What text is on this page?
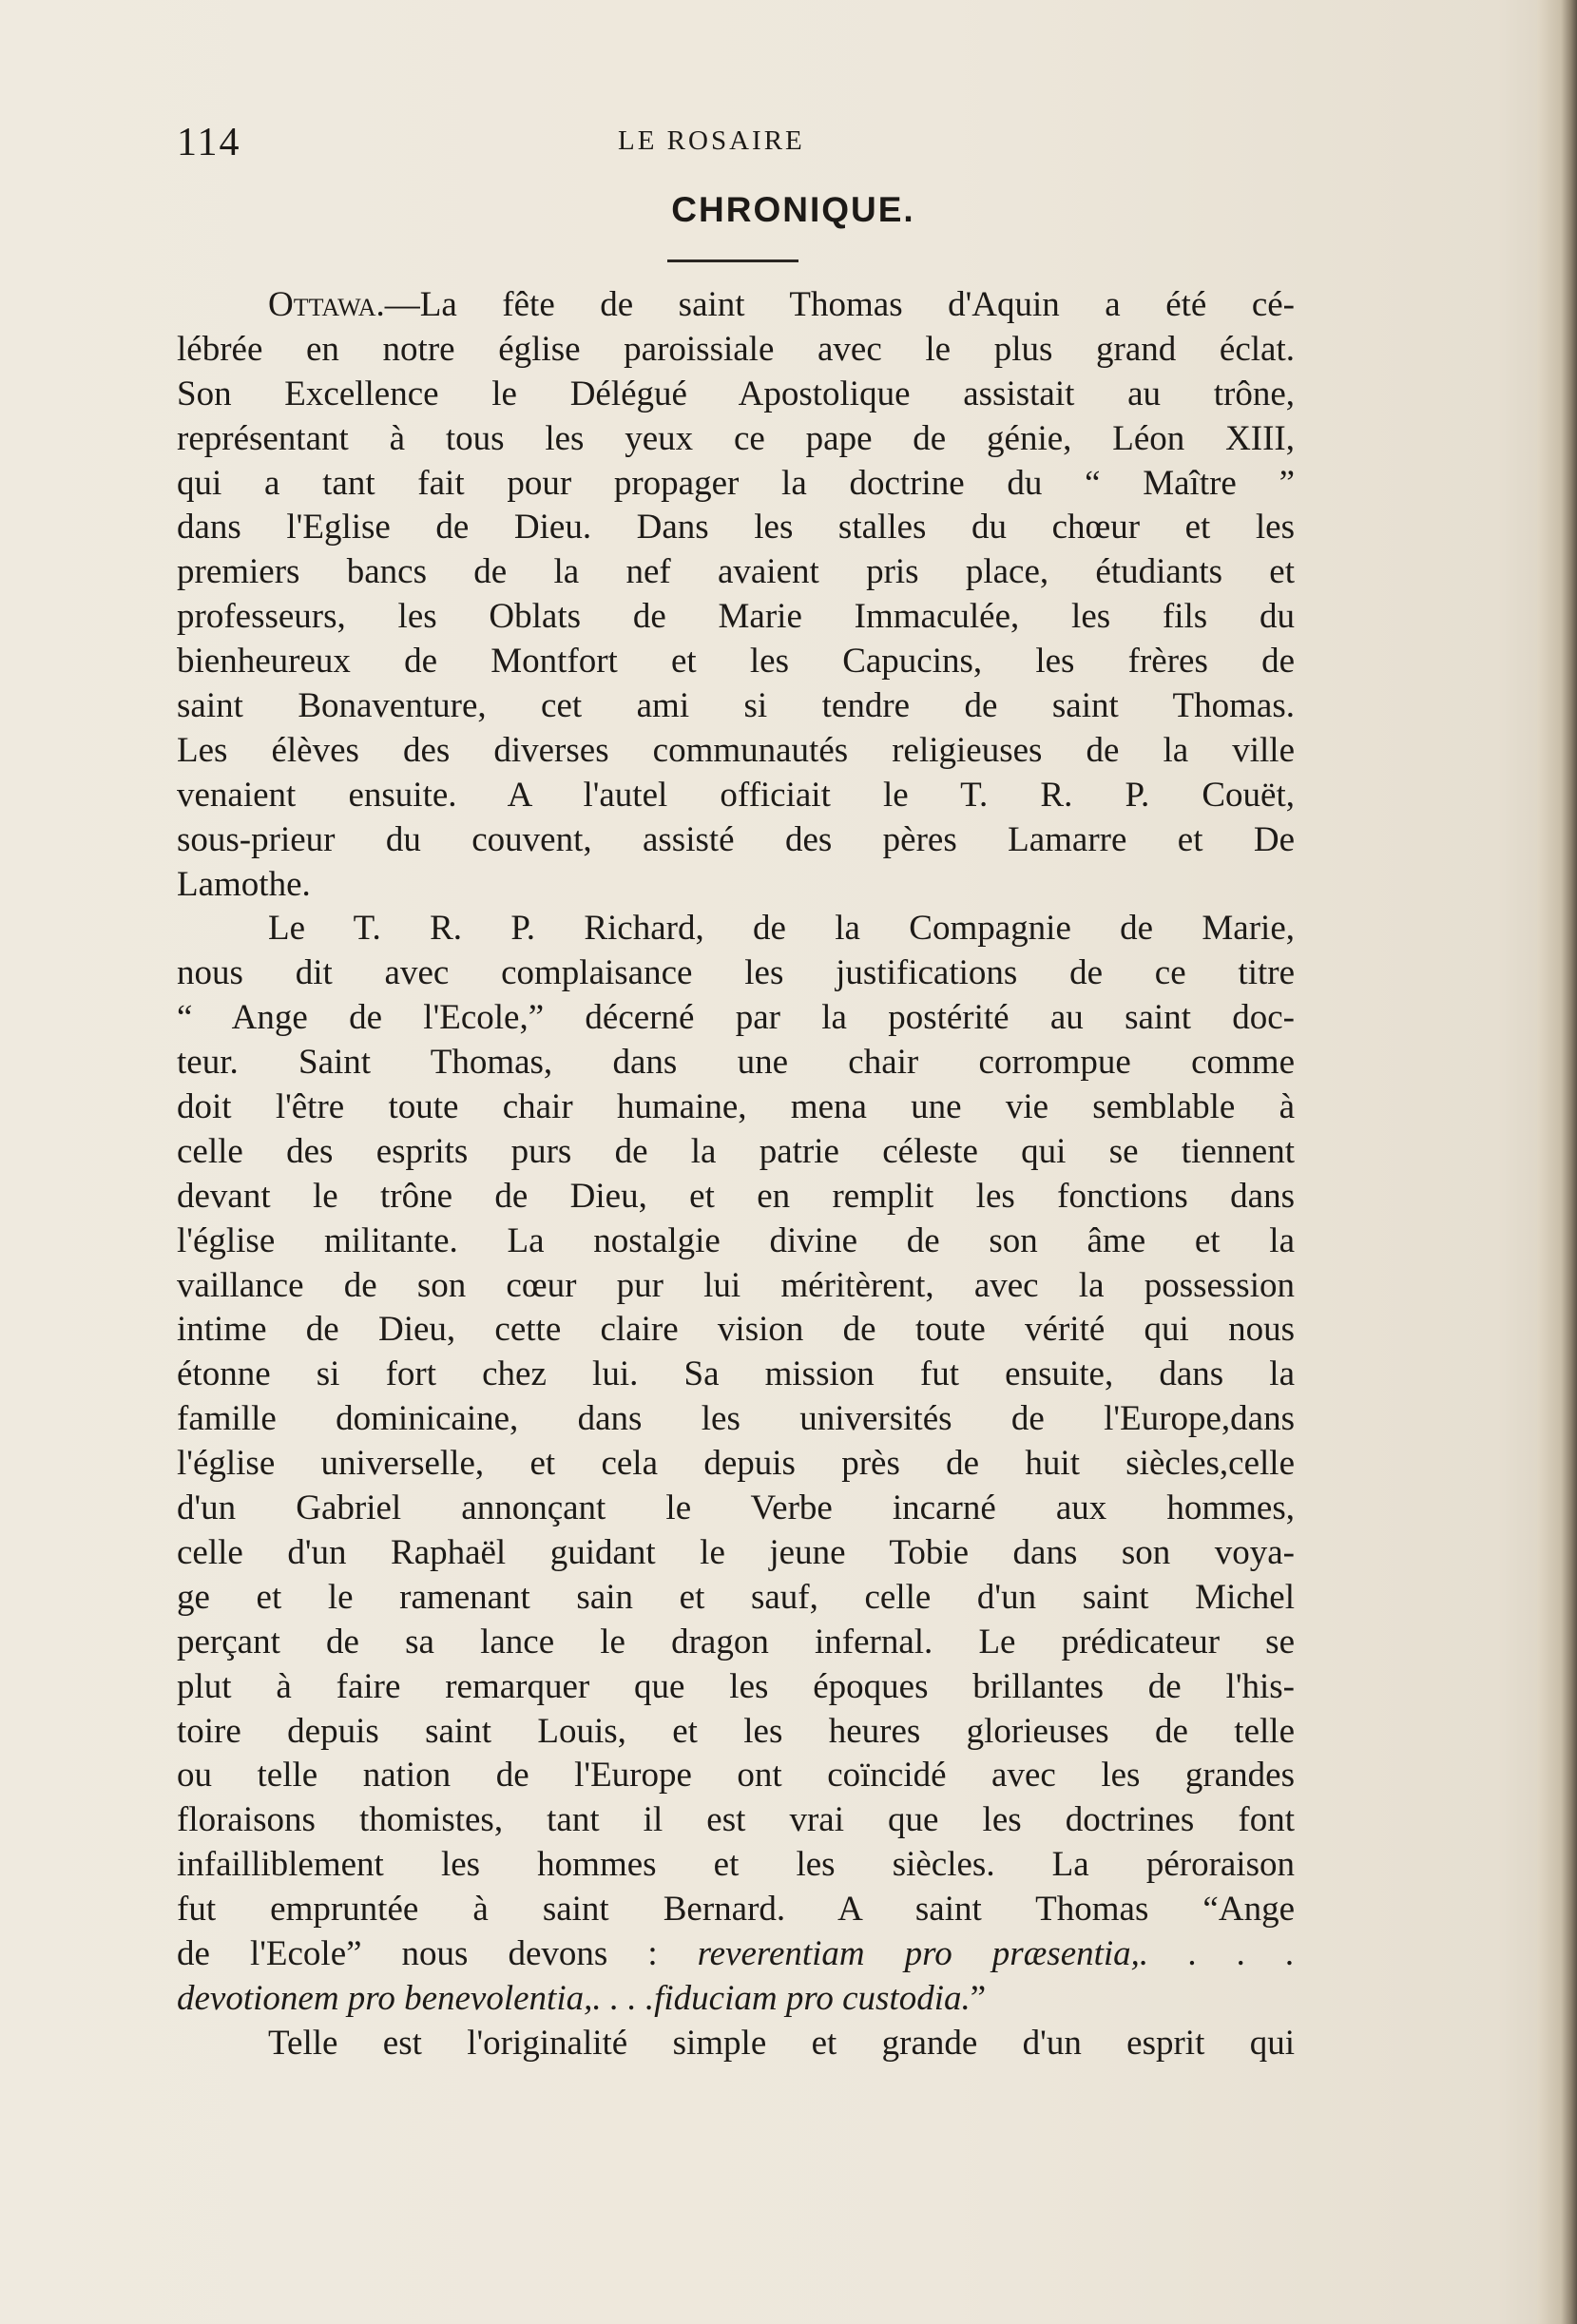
114	LE ROSAIRE
CHRONIQUE.
Ottawa.—La fête de saint Thomas d'Aquin a été cé-
lébrée en notre église paroissiale avec le plus grand éclat.
Son Excellence le Délégué Apostolique assistait au trône,
représentant à tous les yeux ce pape de génie, Léon XIII,
qui a tant fait pour propager la doctrine du “ Maître ”
dans l'Eglise de Dieu. Dans les stalles du chœur et les
premiers bancs de la nef avaient pris place, étudiants et
professeurs, les Oblats de Marie Immaculée, les fils du
bienheureux de Montfort et les Capucins, les frères de
saint Bonaventure, cet ami si tendre de saint Thomas.
Les élèves des diverses communautés religieuses de la ville
venaient ensuite. A l'autel officiait le T. R. P. Couët,
sous-prieur du couvent, assisté des pères Lamarre et De
Lamothe.
Le T. R. P. Richard, de la Compagnie de Marie,
nous dit avec complaisance les justifications de ce titre
“ Ange de l'Ecole,” décerné par la postérité au saint doc-
teur. Saint Thomas, dans une chair corrompue comme
doit l'être toute chair humaine, mena une vie semblable à
celle des esprits purs de la patrie céleste qui se tiennent
devant le trône de Dieu, et en remplit les fonctions dans
l'église militante. La nostalgie divine de son âme et la
vaillance de son cœur pur lui méritèrent, avec la possession
intime de Dieu, cette claire vision de toute vérité qui nous
étonne si fort chez lui. Sa mission fut ensuite, dans la
famille dominicaine, dans les universités de l'Europe,dans
l'église universelle, et cela depuis près de huit siècles,celle
d'un Gabriel annonçant le Verbe incarné aux hommes,
celle d'un Raphaël guidant le jeune Tobie dans son voya-
ge et le ramenant sain et sauf, celle d'un saint Michel
perçant de sa lance le dragon infernal. Le prédicateur se
plut à faire remarquer que les époques brillantes de l'his-
toire depuis saint Louis, et les heures glorieuses de telle
ou telle nation de l'Europe ont coïncidé avec les grandes
floraisons thomistes, tant il est vrai que les doctrines font
infailliblement les hommes et les siècles. La péroraison
fut empruntée à saint Bernard. A saint Thomas “Ange
de l'Ecole” nous devons : reverentiam pro præsentia,. . . .
devotionem pro benevolentia,. . . .fiduciam pro custodia.”
Telle est l'originalité simple et grande d'un esprit qui
